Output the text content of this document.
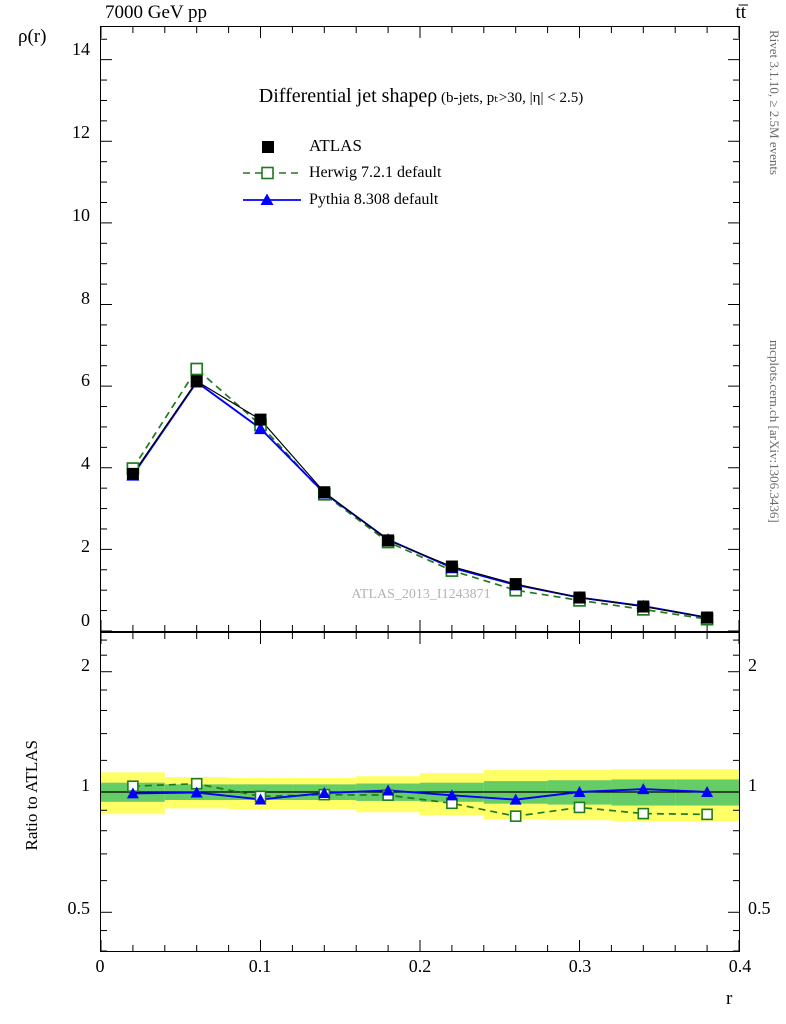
7000 GeV pp	tt̅
Rivet 3.1.10, ≥ 2.5M events
mcplots.cern.ch [arXiv:1306.3436]
ρ(r)
Ratio to ATLAS
r
0
2
4
6
8
10
12
14
0.5
1
2
0.5
1
2
0	0.1	0.2	0.3	0.4
Differential jet shapeρ (b-jets, pₜ>30, |η| < 2.5)
ATLAS_2013_I1243871
ATLAS
Herwig 7.2.1 default
Pythia 8.308 default
